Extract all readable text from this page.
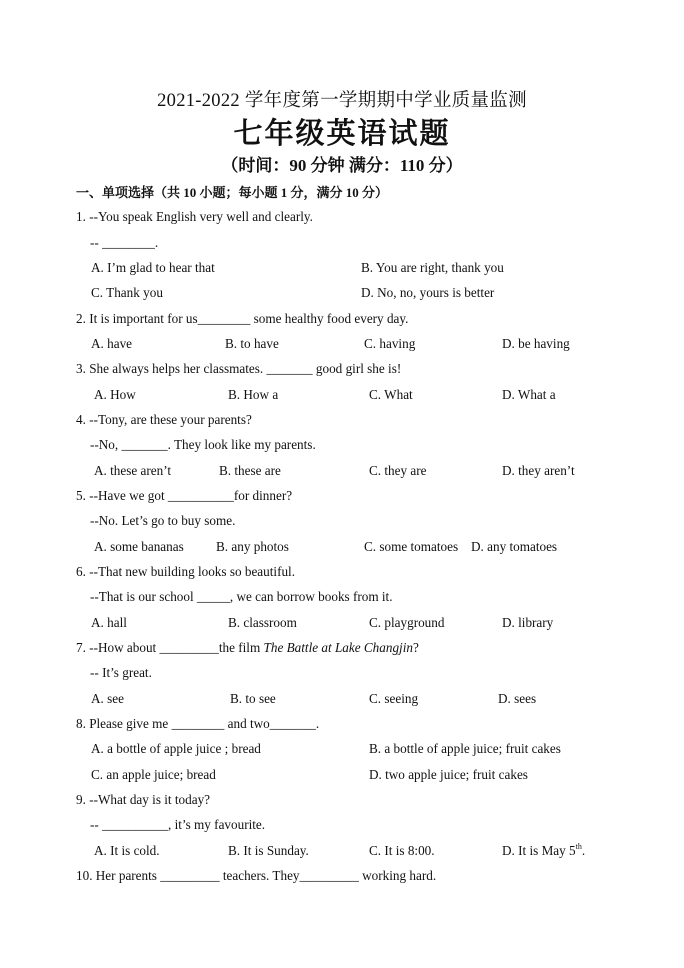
2021-2022 学年度第一学期期中学业质量监测
七年级英语试题
（时间：90 分钟 满分：110 分）
一、单项选择（共 10 小题；每小题 1 分，满分 10 分）
1. --You speak English very well and clearly.
-- ________.
A. I’m glad to hear that	B. You are right, thank you
C. Thank you	D. No, no, yours is better
2. It is important for us________ some healthy food every day.
A. have	B. to have	C. having	D. be having
3. She always helps her classmates. _______ good girl she is!
A. How	B. How a	C. What	D. What a
4. --Tony, are these your parents?
--No, _______. They look like my parents.
A. these aren’t	B. these are	C. they are	D. they aren’t
5. --Have we got __________for dinner?
--No. Let’s go to buy some.
A. some bananas B. any photos	C. some tomatoes D. any tomatoes
6. --That new building looks so beautiful.
--That is our school _____, we can borrow books from it.
A. hall	B. classroom	C. playground	D. library
7. --How about _________the film The Battle at Lake Changjin?
-- It’s great.
A. see	B. to see	C. seeing	D. sees
8. Please give me ________ and two_______.
A. a bottle of apple juice ; bread	B. a bottle of apple juice; fruit cakes
C. an apple juice; bread	D. two apple juice; fruit cakes
9. --What day is it today?
-- __________, it’s my favourite.
A. It is cold.	B. It is Sunday.	C. It is 8:00.	D. It is May 5th.
10. Her parents _________ teachers. They_________ working hard.
